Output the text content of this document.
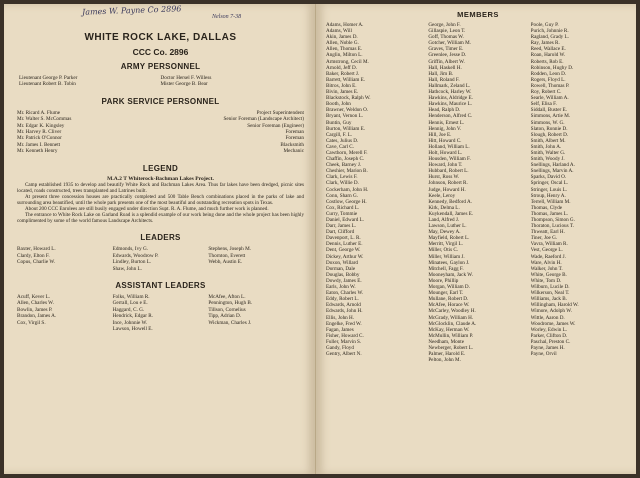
James W. Payne Co 2896
Nelson 7-38
WHITE ROCK LAKE, DALLAS
CCC Co. 2896
ARMY PERSONNEL
Lieutenant George P. Parker	Doctor Hersel F. Willess
Lieutenant Robert B. Tobin	Mister George B. Bear
PARK SERVICE PERSONNEL
Mr. Ricard A. Flume	Project Superintendent
Mr. Walter S. McCommas	Senior Foreman (Landscape Architect)
Mr. Edgar K. Kingsley	Senior Foreman (Engineer)
Mr. Harvey R. Cliver	Foreman
Mr. Patrick O'Connor	Foreman
Mr. James I. Bennett	Blacksmith
Mr. Kenneth Henry	Mechanic
LEGEND
M.A.2 T Whiterock-Bachman Lakes Project.

Camp established 1935 to develop and beautify White Rock and Bachman Lakes Area. Thus far lakes have been dredged, picnic sites located, roads constructed, trees transplanted and Latrines built.

At present three concession houses are practically completed and 500 Table Bench combinations placed in the parks of lake and surrounding area beautified, until the whole park presents one of the most beautiful and outstanding recreation spots in Texas.

About 200 CCC Enrolees are still busily engaged under direction Supt. R. A. Flume, and much further work is planned.

The entrance to White Rock Lake on Garland Road is a splendid example of our work being done and the whole project has been highly complimented by some of the world famous Landscape Architects.

LEADERS
Baxter, Howard L.	Edmonds, Ivy G.	Stephens, Joseph M.
Clardy, Elton F.	Edwards, Woodrow P.	Thornton, Everett
Copus, Charlie W.	Lindley, Burton L.	Webb, Austin E.
Shaw, John L.
ASSISTANT LEADERS
Acuff, Kever L.	Folks, William R.	McAfee, Afton L.
Allen, Charles W.	Gerrall, Lou e E.	Pennington, Hugh B.
Bowlin, James P.	Haggard, C. G.	Tillson, Cornelius
Brandon, James A.	Hendrick, Edgar R.	Tipp, Adrian D.
Cox, Virgil S.	Ince, Johnnie W.	Wickman, Charles J.
Lawson, Howell E.
MEMBERS
Adams, Homer A.
Adams, Will
Akin, James D.
Allen, Noble G.
Allen, Thomas E.
Anglin, Milton L.
Armstrong, Cecil M.
Arnold, Jeff D.
Baker, Robert J.
Barrett, William E.
Bitros, John E.
Bivin, James E.
Blackstock, Ralph W.
Booth, John
Brawner, Weldon O.
Bryant, Vernon L.
Buntin, Guy
Burton, William E.
Cargill, F. L.
Cates, Julius D.
Cave, Carl C.
Cawthorn, Merell F.
Chaffin, Joseph C.
Cheek, Barney J.
Cheshier, Marion B.
Clark, Lewis F.
Clark, Willie D.
Cockerham, John H.
Conn, Sharn G.
Costlow, George H.
Cox, Richard L.
Curry, Tommie
Daniel, Edward L.
Darr, James L.
Dart, Clifford
Davenport, L. R.
Dennis, Luther E.
Dent, George W.
Dickey, Arthur W.
Doxon, Willard
Dorman, Dale
Douglas, Bobby
Dowdy, James E.
Earls, John W.
Eaton, Charles W.
Eddy, Robert L.
Edwards, Arnold
Edwards, John H.
Ellis, John H.
Engelke, Fred W.
Fagan, James
Fisher, Howard C.
Fuller, Marvin S.
Gandy, Floyd
Gentry, Albert N.
George, John F.
Gillaspie, Leon T.
Goff, Thomas W.
Gotcher, William M.
Graves, Timer E.
Greenlee, Jesse D.
Griffin, Albert W.
Hall, Haskell H.
Hall, Jim B.
Hall, Roland F.
Hallmark, Zeland L.
Hathcock, Harley W.
Hawkins, Aldridge E.
Hawkins, Maurice L.
Head, Ralph D.
Henderson, Alfred C.
Hennis, Ernest L.
Hennig, John V.
Hill, Joe E.
Hitt, Howard C.
Holland, William L.
Holt, Howard L.
Housden, William F.
Howard, John T.
Hubbard, Robert L.
Hurst, Ross W.
Johnson, Robert R.
Judge, Howard H.
Keele, Leroy
Kennedy, Bedford A.
Kirk, Delma L.
Kuykendall, James E.
Land, Alfred J.
Lawson, Luther L.
May, Dewey A.
Mayfield, Robert L.
Merritt, Virgil L.
Miller, Otis C.
Miller, William J.
Minatees, Gaylon J.
Mitchell, Fagg F.
Mooneyham, Jack W.
Moore, Phillip
Morgan, William D.
Mounger, Earl T.
Mullane, Robert D.
McAfee, Horace W.
McCarley, Woodley H.
McGrady, William H.
McGlocklin, Claude A.
McKay, Herman W.
McMullin, William P.
Needham, Monte
Newberger, Robert L.
Palmer, Harold E.
Pelton, John M.
Poole, Guy P.
Purich, Johnnie R.
Ragland, Grady L.
Ray, James R.
Reed, Wallace E.
Roan, Harold W.
Roberts, Rob E.
Robinson, Hughy D.
Rodden, Leon D.
Rogers, Floyd L.
Rowell, Thomas P.
Roy, Robert C.
Searle, William A.
Self, Elisa F.
Siddall, Buster E.
Simmons, Artie M.
Simmons, W. G.
Slaton, Ronnie D.
Slough, Robert D.
Smith, Albert M.
Smith, John A.
Smith, Walter G.
Smith, Woody J.
Snellings, Harland A.
Snellings, Marvin A.
Sparks, David O.
Springer, Oscal L.
Stringer, Louis L.
Stroup, Henry A.
Terrell, William M.
Thomas, Clyde
Thomas, James L.
Thompson, Simon G.
Thoraton, Lucious T.
Thweatt, Earl H.
Tiner, Joe G.
Vavra, William R.
Vest, George L.
Wade, Raeford J.
Ware, Alvin H.
Walker, John T.
White, George B.
White, Tom D.
Wilburn, Lucile D.
Wilkerson, Neal T.
Williams, Jack B.
Willingham, Harold W.
Wimore, Adolph W.
Wittle, Aaron D.
Woodrome, James W.
Worley, Edwin L.
Parker, Clifton D.
Paschal, Preston C.
Payne, James H.
Payne, Orvil
